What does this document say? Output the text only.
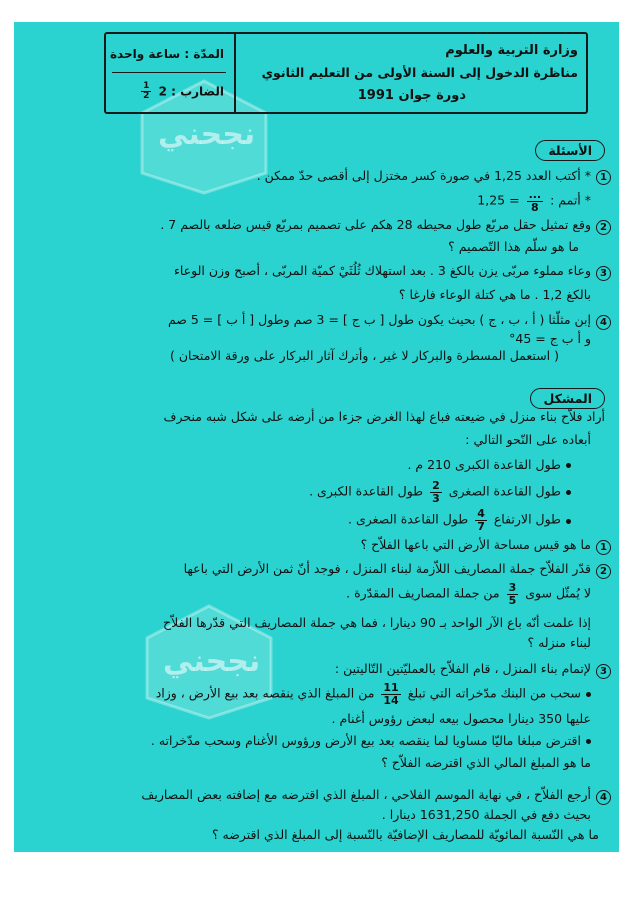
نجحني
نجحني
المدّة : ساعة واحدة
الضارب : 2
$\frac{1}{2}$
وزارة التربية والعلوم
مناظرة الدخول إلى السنة الأولى من التعليم الثانوي
دورة جوان 1991
الأسئلة
1
* أكتب العدد 1,25 في صورة كسر مختزل إلى أقصى حدّ ممكن .
* أتمم :
$\frac{...}{8}$
= 1,25
2
وقع تمثيل حقل مربّع طول محيطه 28 هكم على تصميم بمربّع قيس ضلعه بالصم 7 .
ما هو سلّم هذا التّصميم ؟
3
وعاء مملوء مربّى يزن بالكغ 3 . بعد استهلاك ثُلُثَيْ كميّة المربّى ، أصبح وزن الوعاء
بالكغ 1,2 . ما هي كتلة الوعاء فارغا ؟
4
إبن مثلّثا ( أ ، ب ، ج ) بحيث يكون طول [ ب ج ] = 3 صم وطول [ أ ب ] = 5 صم
و أ ب ج = 45°
( استعمل المسطرة والبركار لا غير ، وأترك آثار البركار على ورقة الامتحان )
المشكل
أراد فلاّح بناء منزل في ضيعته فباع لهذا الغرض جزءا من أرضه على شكل شبه منحرف
أبعاده على النّحو التالي :
طول القاعدة الكبرى 210 م .
طول القاعدة الصغرى
$\frac{2}{3}$
طول القاعدة الكبرى .
طول الارتفاع
$\frac{4}{7}$
طول القاعدة الصغرى .
1
ما هو قيس مساحة الأرض التي باعها الفلاّح ؟
2
قدّر الفلاّح جملة المصاريف اللاّزمة لبناء المنزل ، فوجد أنّ ثمن الأرض التي باعها
لا يُمثّل سوى
$\frac{3}{5}$
من جملة المصاريف المقدّرة .
إذا علمت أنّه باع الآر الواحد بـ 90 دينارا ، فما هي جملة المصاريف التي قدّرها الفلاّح
لبناء منزله ؟
3
لإتمام بناء المنزل ، قام الفلاّح بالعمليّتين التّاليتين :
سحب من البنك مدّخراته التي تبلغ
$\frac{11}{14}$
من المبلغ الذي ينقصه بعد بيع الأرض ، وزاد
عليها 350 دينارا محصول بيعه لبعض رؤوس أغنام .
اقترض مبلغا ماليّا مساويا لما ينقصه بعد بيع الأرض ورؤوس الأغنام وسحب مدّخراته .
ما هو المبلغ المالي الذي اقترضه الفلاّح ؟
4
أرجع الفلاّح ، في نهاية الموسم الفلاحي ، المبلغ الذي اقترضه مع إضافته بعض المصاريف
بحيث دفع في الجملة 1631,250 دينارا .
ما هي النّسبة المائويّة للمصاريف الإضافيّة بالنّسبة إلى المبلغ الذي اقترضه ؟
